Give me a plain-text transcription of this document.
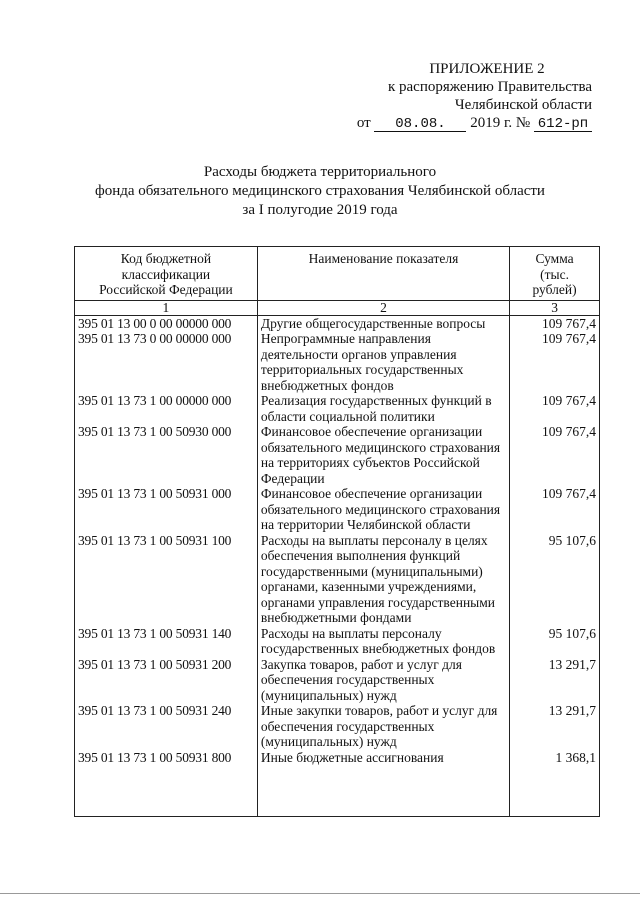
ПРИЛОЖЕНИЕ 2
к распоряжению Правительства
Челябинской области
от 08.08. 2019 г. № 612-рп
Расходы бюджета территориального
фонда обязательного медицинского страхования Челябинской области
за I полугодие 2019 года
Код бюджетной классификации Российской Федерации	Наименование показателя	Сумма (тыс. рублей)
1	2	3
395 01 13 00 0 00 00000 000	Другие общегосударственные вопросы	109 767,4
395 01 13 73 0 00 00000 000	Непрограммные направления деятельности органов управления территориальных государственных внебюджетных фондов	109 767,4
395 01 13 73 1 00 00000 000	Реализация государственных функций в области социальной политики	109 767,4
395 01 13 73 1 00 50930 000	Финансовое обеспечение организации обязательного медицинского страхования на территориях субъектов Российской Федерации	109 767,4
395 01 13 73 1 00 50931 000	Финансовое обеспечение организации обязательного медицинского страхования на территории Челябинской области	109 767,4
395 01 13 73 1 00 50931 100	Расходы на выплаты персоналу в целях обеспечения выполнения функций государственными (муниципальными) органами, казенными учреждениями, органами управления государственными внебюджетными фондами	95 107,6
395 01 13 73 1 00 50931 140	Расходы на выплаты персоналу государственных внебюджетных фондов	95 107,6
395 01 13 73 1 00 50931 200	Закупка товаров, работ и услуг для обеспечения государственных (муниципальных) нужд	13 291,7
395 01 13 73 1 00 50931 240	Иные закупки товаров, работ и услуг для обеспечения государственных (муниципальных) нужд	13 291,7
395 01 13 73 1 00 50931 800	Иные бюджетные ассигнования	1 368,1
